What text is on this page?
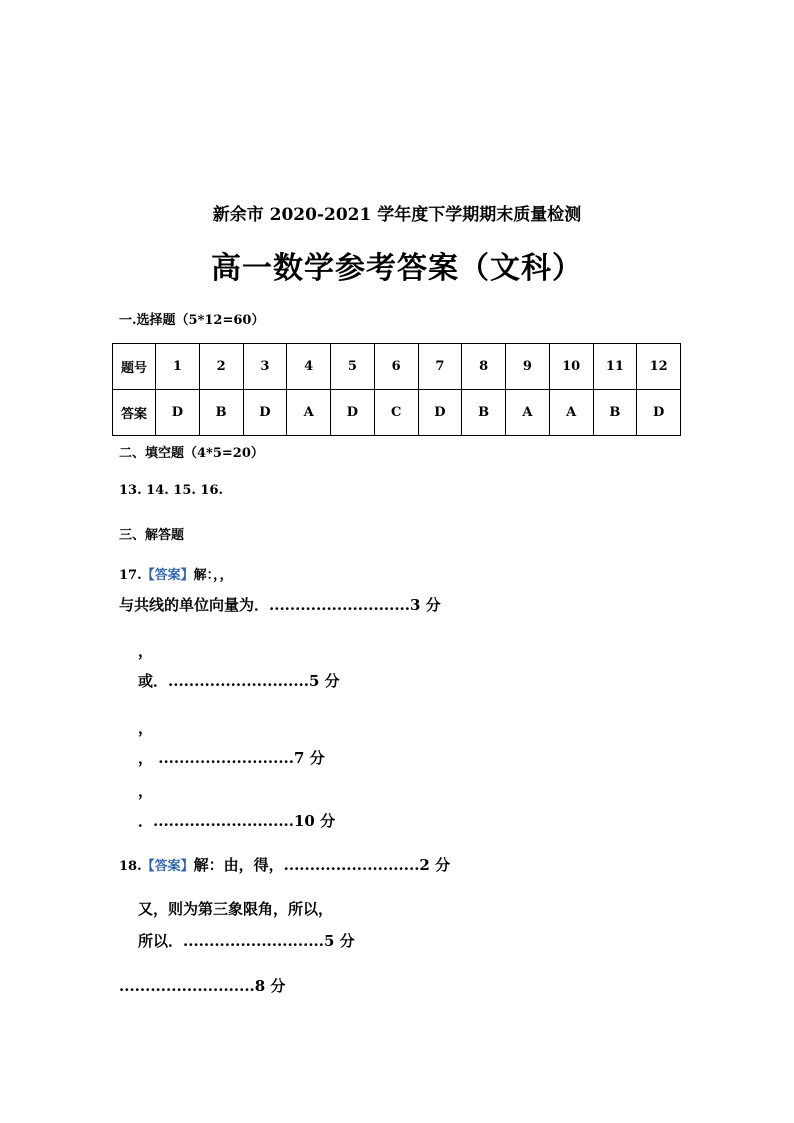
新余市 2020-2021 学年度下学期期末质量检测
高一数学参考答案（文科）
一.选择题（5*12=60）
题号	1	2	3	4	5	6	7	8	9	10	11	12
答案	D	B	D	A	D	C	D	B	A	A	B	D
二、填空题（4*5=20）
13. 14. 15. 16.
三、解答题
17.【答案】解：，，
与共线的单位向量为．...........................3 分
，
或．...........................5 分
，
， ..........................7 分
，
．...........................10 分
18.【答案】解：由，得，..........................2 分
又，则为第三象限角，所以，
所以．...........................5 分
..........................8 分
